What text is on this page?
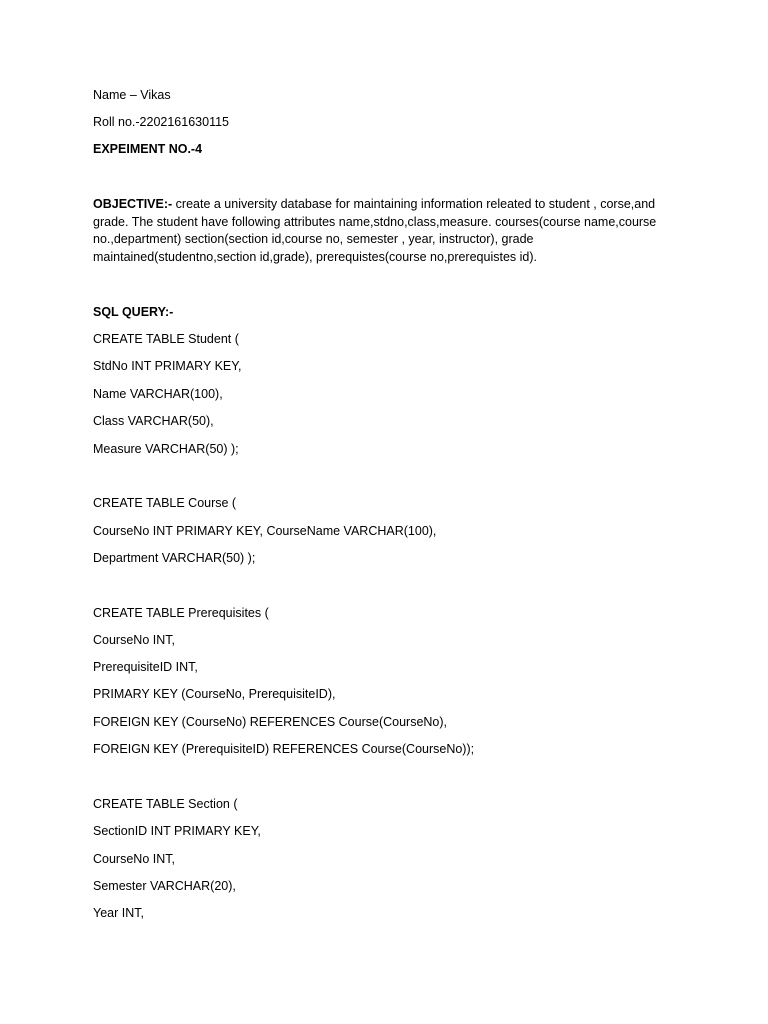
Name – Vikas
Roll no.-2202161630115
EXPEIMENT NO.-4
OBJECTIVE:- create a university database for maintaining information releated to student , corse,and
grade. The student have following attributes name,stdno,class,measure. courses(course name,course
no.,department) section(section id,course no, semester , year, instructor), grade
maintained(studentno,section id,grade), prerequistes(course no,prerequistes id).
SQL QUERY:-
CREATE TABLE Student (
StdNo INT PRIMARY KEY,
Name VARCHAR(100),
Class VARCHAR(50),
Measure VARCHAR(50) );
CREATE TABLE Course (
CourseNo INT PRIMARY KEY, CourseName VARCHAR(100),
Department VARCHAR(50) );
CREATE TABLE Prerequisites (
CourseNo INT,
PrerequisiteID INT,
PRIMARY KEY (CourseNo, PrerequisiteID),
FOREIGN KEY (CourseNo) REFERENCES Course(CourseNo),
FOREIGN KEY (PrerequisiteID) REFERENCES Course(CourseNo));
CREATE TABLE Section (
SectionID INT PRIMARY KEY,
CourseNo INT,
Semester VARCHAR(20),
Year INT,
